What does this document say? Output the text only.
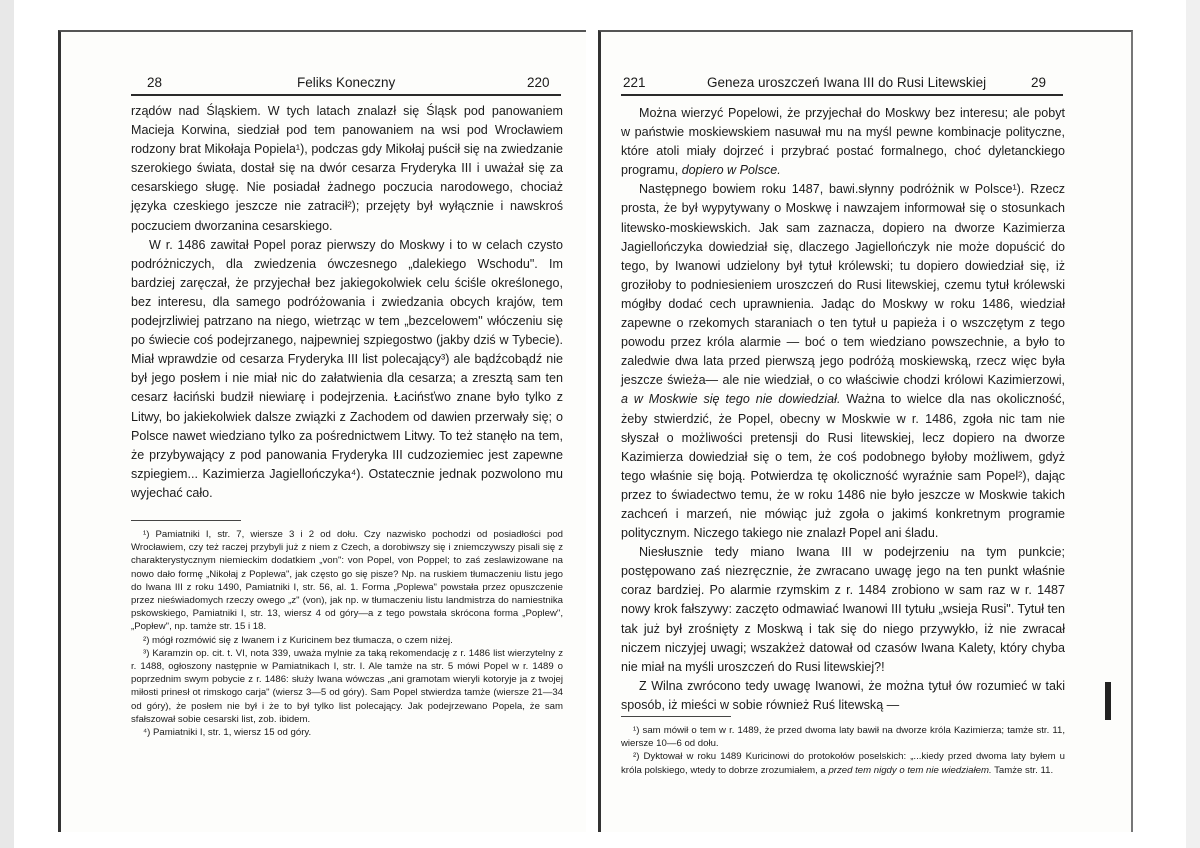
28	Feliks Koneczny	220

rządów nad Śląskiem. W tych latach znalazł się Śląsk pod panowaniem Macieja Korwina, siedział pod tem panowaniem na wsi pod Wrocławiem rodzony brat Mikołaja Popiela¹), podczas gdy Mikołaj puścił się na zwiedzanie szerokiego świata, dostał się na dwór cesarza Fryderyka III i uważał się za cesarskiego sługę. Nie posiadał żadnego poczucia narodowego, chociaż języka czeskiego jeszcze nie zatracił²); przejęty był wyłącznie i nawskroś poczuciem dworzanina cesarskiego.

W r. 1486 zawitał Popel poraz pierwszy do Moskwy i to w celach czysto podróżniczych, dla zwiedzenia ówczesnego „dalekiego Wschodu". Im bardziej zaręczał, że przyjechał bez jakiegokolwiek celu ściśle określonego, bez interesu, dla samego podróżowania i zwiedzania obcych krajów, tem podejrzliwiej patrzano na niego, wietrząc w tem „bezcelowem" włóczeniu się po świecie coś podejrzanego, najpewniej szpiegostwo (jakby dziś w Tybecie). Miał wprawdzie od cesarza Fryderyka III list polecający³) ale bądźcobądź nie był jego posłem i nie miał nic do załatwienia dla cesarza; a zresztą sam ten cesarz łaciński budził niewiarę i podejrzenia. Łacińsťwo znane było tylko z Litwy, bo jakiekolwiek dalsze związki z Zachodem od dawien przerwały się; o Polsce nawet wiedziano tylko za pośrednictwem Litwy. To też stanęło na tem, że przybywający z pod panowania Fryderyka III cudzoziemiec jest zapewne szpiegiem... Kazimierza Jagiellończyka⁴). Ostatecznie jednak pozwolono mu wyjechać cało.

¹) Pamiatniki I, str. 7, wiersze 3 i 2 od dołu. Czy nazwisko pochodzi od posiadłości pod Wrocławiem, czy też raczej przybyli już z niem z Czech, a dorobiwszy się i zniemczywszy pisali się z charakterystycznym niemieckim dodatkiem „von": von Popel, von Poppel; to zaś zeslawizowane na nowo dało formę „Nikołaj z Poplewa", jak często go się pisze? Np. na ruskiem tłumaczeniu listu jego do Iwana III z roku 1490, Pamiatniki I, str. 56, al. 1. Forma „Poplewa" powstała przez opuszczenie przez nieświadomych rzeczy owego „z" (von), jak np. w tłumaczeniu listu landmistrza do namiestnika pskowskiego, Pamiatniki I, str. 13, wiersz 4 od góry—a z tego powstała skrócona forma „Poplew", „Popłew", np. tamże str. 15 i 18.

²) mógł rozmówić się z Iwanem i z Kuricinem bez tłumacza, o czem niżej.

³) Karamzin op. cit. t. VI, nota 339, uważa mylnie za taką rekomendację z r. 1486 list wierzytelny z r. 1488, ogłoszony następnie w Pamiatnikach I, str. I. Ale tamże na str. 5 mówi Popel w r. 1489 o poprzednim swym pobycie z r. 1486: służy Iwana wówczas „ani gramotam wieryli kotoryje ja z twojej miłosti prinesł ot rimskogo carja" (wiersz 3—5 od góry). Sam Popel stwierdza tamże (wiersze 21—34 od góry), że posłem nie był i że to był tylko list polecający. Jak podejrzewano Popela, że sam sfałszował sobie cesarski list, zob. ibidem.

⁴) Pamiatniki I, str. 1, wiersz 15 od góry.

221	Geneza uroszczeń Iwana III do Rusi Litewskiej	29

Można wierzyć Popelowi, że przyjechał do Moskwy bez interesu; ale pobyt w państwie moskiewskiem nasuwał mu na myśl pewne kombinacje polityczne, które atoli miały dojrzeć i przybrać postać formalnego, choć dyletanckiego programu, dopiero w Polsce.

Następnego bowiem roku 1487, bawi.słynny podróżnik w Polsce¹). Rzecz prosta, że był wypytywany o Moskwę i nawzajem informował się o stosunkach litewsko-moskiewskich. Jak sam zaznacza, dopiero na dworze Kazimierza Jagiellończyka dowiedział się, dlaczego Jagiellończyk nie może dopuścić do tego, by Iwanowi udzielony był tytuł królewski; tu dopiero dowiedział się, iż groziłoby to podniesieniem uroszczeń do Rusi litewskiej, czemu tytuł królewski mógłby dodać cech uprawnienia. Jadąc do Moskwy w roku 1486, wiedział zapewne o rzekomych staraniach o ten tytuł u papieża i o wszczętym z tego powodu przez króla alarmie — boć o tem wiedziano powszechnie, a było to zaledwie dwa lata przed pierwszą jego podróżą moskiewską, rzecz więc była jeszcze świeża— ale nie wiedział, o co właściwie chodzi królowi Kazimierzowi, a w Moskwie się tego nie dowiedział. Ważna to wielce dla nas okoliczność, żeby stwierdzić, że Popel, obecny w Moskwie w r. 1486, zgoła nic tam nie słyszał o możliwości pretensji do Rusi litewskiej, lecz dopiero na dworze Kazimierza dowiedział się o tem, że coś podobnego byłoby możliwem, gdyż tego właśnie się boją. Potwierdza tę okoliczność wyraźnie sam Popel²), dając przez to świadectwo temu, że w roku 1486 nie było jeszcze w Moskwie takich zachceń i marzeń, nie mówiąc już zgoła o jakimś konkretnym programie politycznym. Niczego takiego nie znalazł Popel ani śladu.

Niesłusznie tedy miano Iwana III w podejrzeniu na tym punkcie; postępowano zaś niezręcznie, że zwracano uwagę jego na ten punkt właśnie coraz bardziej. Po alarmie rzymskim z r. 1484 zrobiono w sam raz w r. 1487 nowy krok fałszywy: zaczęto odmawiać Iwanowi III tytułu „wsieja Rusi". Tytuł ten tak już był zrośnięty z Moskwą i tak się do niego przywykło, iż nie zwracał niczem niczyjej uwagi; wszakżeż datował od czasów Iwana Kalety, który chyba nie miał na myśli uroszczeń do Rusi litewskiej?!

Z Wilna zwrócono tedy uwagę Iwanowi, że można tytuł ów rozumieć w taki sposób, iż mieści w sobie również Ruś litewską —

¹) sam mówił o tem w r. 1489, że przed dwoma laty bawił na dworze króla Kazimierza; tamże str. 11, wiersze 10—6 od dołu.

²) Dyktował w roku 1489 Kuricinowi do protokołów poselskich: „...kiedy przed dwoma laty byłem u króla polskiego, wtedy to dobrze zrozumiałem, a przed tem nigdy o tem nie wiedziałem. Tamże str. 11.
